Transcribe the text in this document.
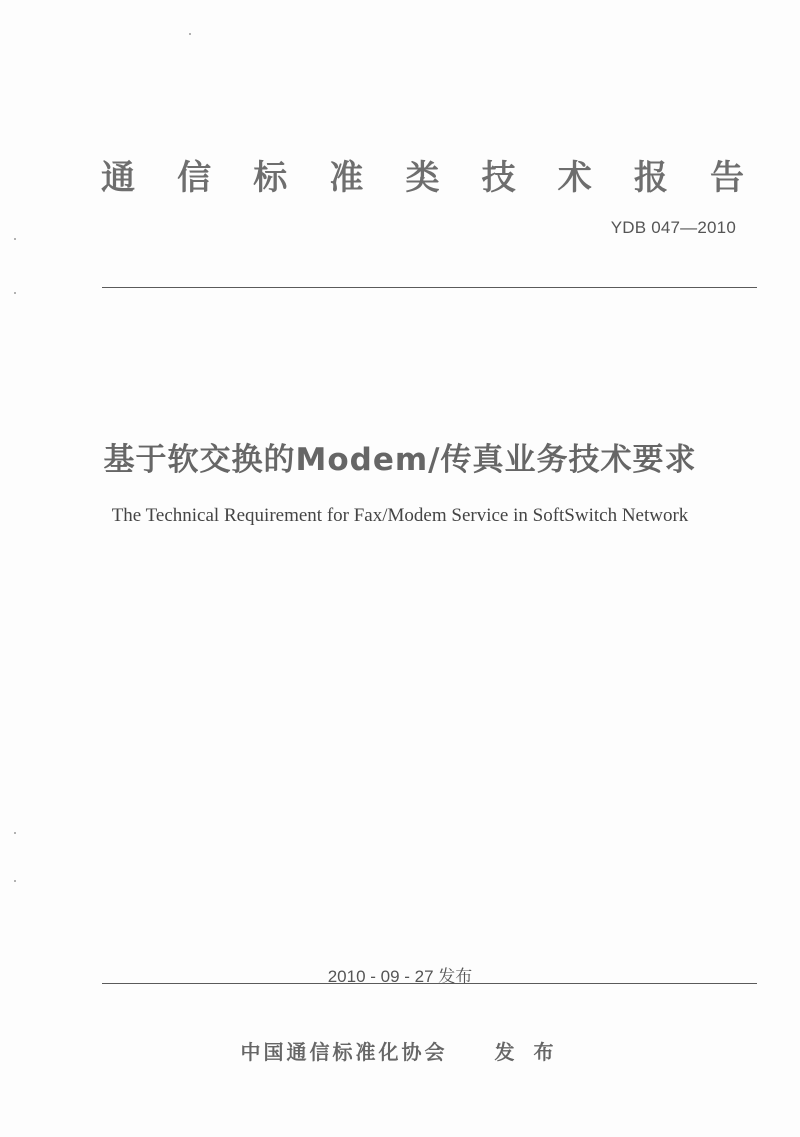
通 信 标 准 类 技 术 报 告
YDB 047—2010
基于软交换的Modem/传真业务技术要求
The Technical Requirement for Fax/Modem Service in SoftSwitch Network
2010 - 09 - 27 发布
中国通信标准化协会 发 布
